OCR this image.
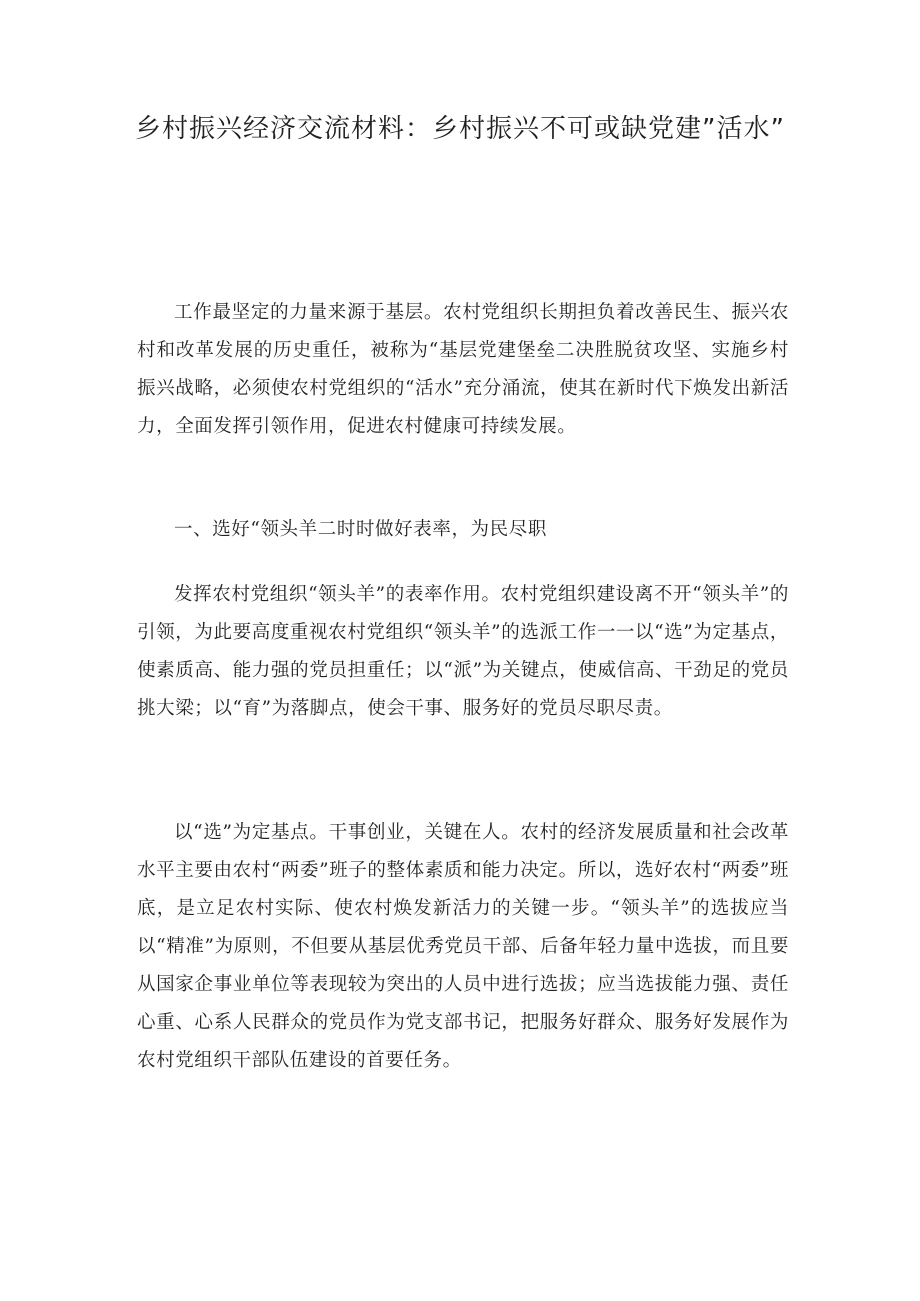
乡村振兴经济交流材料：乡村振兴不可或缺党建”活水”

工作最坚定的力量来源于基层。农村党组织长期担负着改善民生、振兴农村和改革发展的历史重任，被称为“基层党建堡垒二决胜脱贫攻坚、实施乡村振兴战略，必须使农村党组织的“活水”充分涌流，使其在新时代下焕发出新活力，全面发挥引领作用，促进农村健康可持续发展。

一、选好“领头羊二时时做好表率，为民尽职

发挥农村党组织“领头羊”的表率作用。农村党组织建设离不开“领头羊”的引领，为此要高度重视农村党组织“领头羊”的选派工作一一以“选”为定基点，使素质高、能力强的党员担重任；以“派”为关键点，使威信高、干劲足的党员挑大梁；以“育”为落脚点，使会干事、服务好的党员尽职尽责。

以“选”为定基点。干事创业，关键在人。农村的经济发展质量和社会改革水平主要由农村“两委”班子的整体素质和能力决定。所以，选好农村“两委”班底，是立足农村实际、使农村焕发新活力的关键一步。“领头羊”的选拔应当以“精准”为原则，不但要从基层优秀党员干部、后备年轻力量中选拔，而且要从国家企事业单位等表现较为突出的人员中进行选拔；应当选拔能力强、责任心重、心系人民群众的党员作为党支部书记，把服务好群众、服务好发展作为农村党组织干部队伍建设的首要任务。
